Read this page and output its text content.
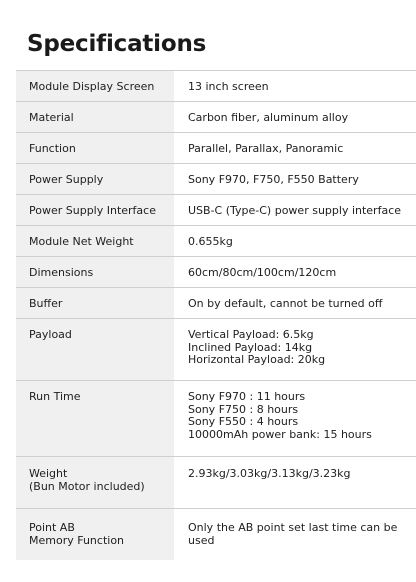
Specifications
Module Display Screen	13 inch screen

Material	Carbon fiber, aluminum alloy

Function	Parallel, Parallax, Panoramic

Power Supply	Sony F970, F750, F550 Battery

Power Supply Interface	USB-C (Type-C) power supply interface

Module Net Weight	0.655kg

Dimensions	60cm/80cm/100cm/120cm

Buffer	On by default, cannot be turned off

Payload	Vertical Payload: 6.5kg
Inclined Payload: 14kg
Horizontal Payload: 20kg

Run Time	Sony F970 : 11 hours
Sony F750 : 8 hours
Sony F550 : 4 hours
10000mAh power bank: 15 hours

Weight
(Bun Motor included)	2.93kg/3.03kg/3.13kg/3.23kg

Point AB
Memory Function	Only the AB point set last time can be used
